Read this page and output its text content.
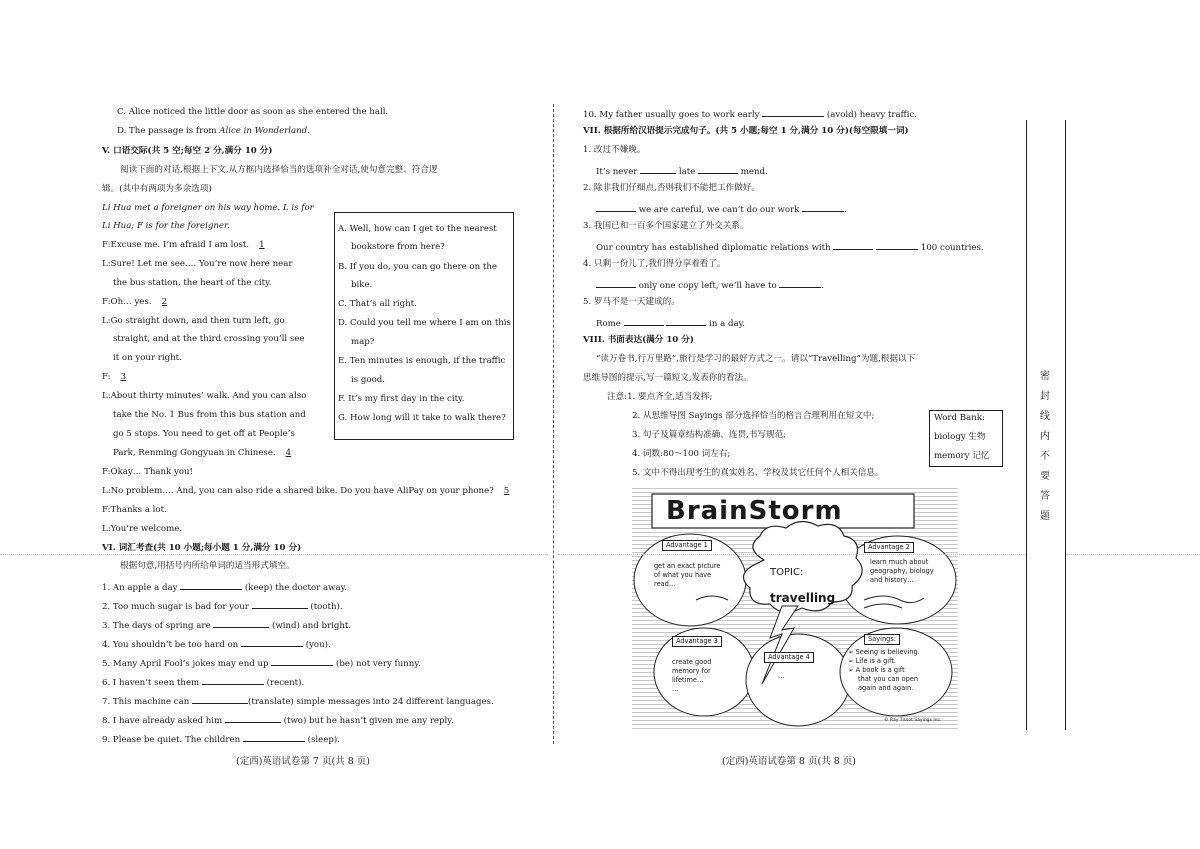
C. Alice noticed the little door as soon as she entered the hall.
D. The passage is from Alice in Wonderland.
V. 口语交际(共 5 空;每空 2 分,满分 10 分)
阅读下面的对话,根据上下文,从方框内选择恰当的选项补全对话,使句意完整、符合逻
辑。(其中有两项为多余选项)
Li Hua met a foreigner on his way home. L is for
Li Hua; F is for the foreigner.
F:Excuse me. I’m afraid I am lost. 1
L:Sure! Let me see…. You’re now here near
the bus station, the heart of the city.
F:Oh… yes. 2
L:Go straight down, and then turn left, go
straight, and at the third crossing you’ll see
it on your right.
F: 3
L:About thirty minutes’ walk. And you can also
take the No. 1 Bus from this bus station and
go 5 stops. You need to get off at People’s
Park, Renming Gongyuan in Chinese. 4
F:Okay… Thank you!
L:No problem…. And, you can also ride a shared bike. Do you have AliPay on your phone? 5
F:Thanks a lot.
L:You’re welcome.
A. Well, how can I get to the nearest
bookstore from here?
B. If you do, you can go there on the
bike.
C. That’s all right.
D. Could you tell me where I am on this
map?
E. Ten minutes is enough, if the traffic
is good.
F. It’s my first day in the city.
G. How long will it take to walk there?
VI. 词汇考查(共 10 小题;每小题 1 分,满分 10 分)
根据句意,用括号内所给单词的适当形式填空。
1. An apple a day	(keep) the doctor away.
2. Too much sugar is bad for your	(tooth).
3. The days of spring are	(wind) and bright.
4. You shouldn’t be too hard on	(you).
5. Many April Fool’s jokes may end up	(be) not very funny.
6. I haven’t seen them	(recent).
7. This machine can	(translate) simple messages into 24 different languages.
8. I have already asked him	(two) but he hasn’t given me any reply.
9. Please be quiet. The children	(sleep).
(定西)英语试卷第 7 页(共 8 页)
10. My father usually goes to work early	(avoid) heavy traffic.
VII. 根据所给汉语提示完成句子。(共 5 小题;每空 1 分,满分 10 分)(每空限填一词)
1. 改过不嫌晚。
It’s never	late	mend.
2. 除非我们仔细点,否则我们不能把工作做好。
we are careful, we can’t do our work	.
3. 我国已和一百多个国家建立了外交关系。
Our country has established diplomatic relations with	100 countries.
4. 只剩一份儿了,我们得分享着看了。
only one copy left, we’ll have to	.
5. 罗马不是一天建成的。
Rome	in a day.
VIII. 书面表达(满分 10 分)
“读万卷书,行万里路”,旅行是学习的最好方式之一。请以“Travelling”为题,根据以下
思维导图的提示,写一篇短文,发表你的看法。
注意:1. 要点齐全,适当发挥;
2. 从思维导图 Sayings 部分选择恰当的格言合理利用在短文中;
3. 句子及篇章结构准确、连贯,书写规范;
4. 词数:80～100 词左右;
5. 文中不得出现考生的真实姓名、学校及其它任何个人相关信息。
Word Bank:
biology 生物
memory 记忆
BrainStorm
TOPIC:
travelling
Advantage 1
get an exact picture
of what you have
read…
Advantage 2
learn much about
geography, biology
and history…
Advantage 3
create good
memory for
lifetime…
…
Advantage 4
…
Sayings:
➢ Seeing is believing.
➢ Life is a gift.
➢ A book is a gift
that you can open
again and again.
© Ray Tissot Sayings Inc.
(定西)英语试卷第 8 页(共 8 页)
密
封
线
内
不
要
答
题
